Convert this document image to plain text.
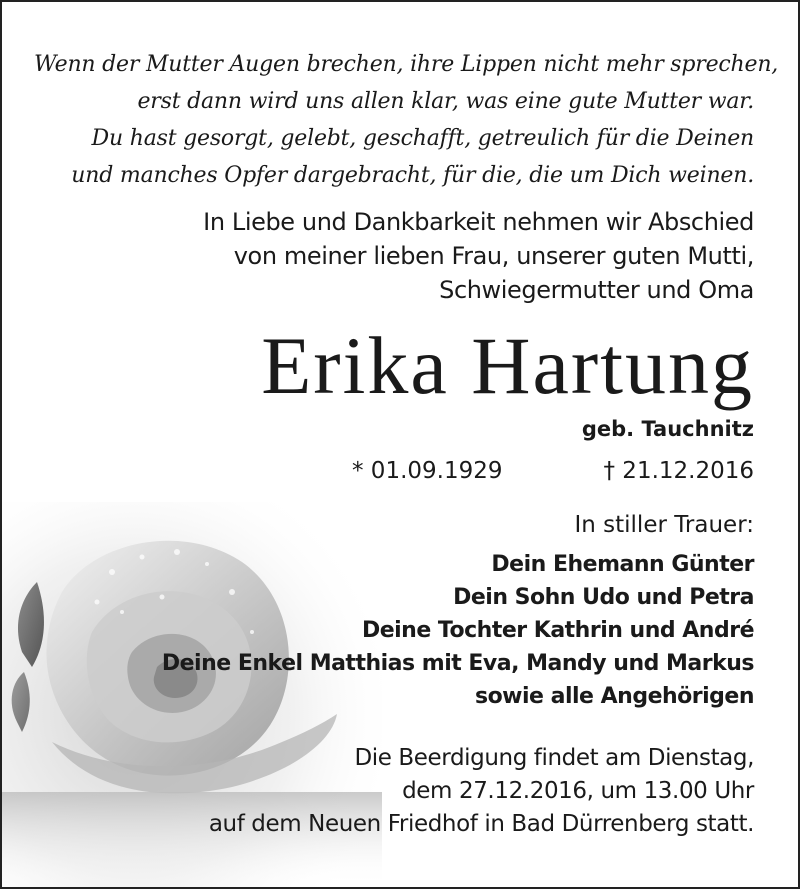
Wenn der Mutter Augen brechen, ihre Lippen nicht mehr sprechen,
erst dann wird uns allen klar, was eine gute Mutter war.
Du hast gesorgt, gelebt, geschafft, getreulich für die Deinen
und manches Opfer dargebracht, für die, die um Dich weinen.
In Liebe und Dankbarkeit nehmen wir Abschied
von meiner lieben Frau, unserer guten Mutti,
Schwiegermutter und Oma
Erika Hartung
geb. Tauchnitz
* 01.09.1929	† 21.12.2016
In stiller Trauer:
Dein Ehemann Günter
Dein Sohn Udo und Petra
Deine Tochter Kathrin und André
Deine Enkel Matthias mit Eva, Mandy und Markus
sowie alle Angehörigen
Die Beerdigung findet am Dienstag,
dem 27.12.2016, um 13.00 Uhr
auf dem Neuen Friedhof in Bad Dürrenberg statt.
